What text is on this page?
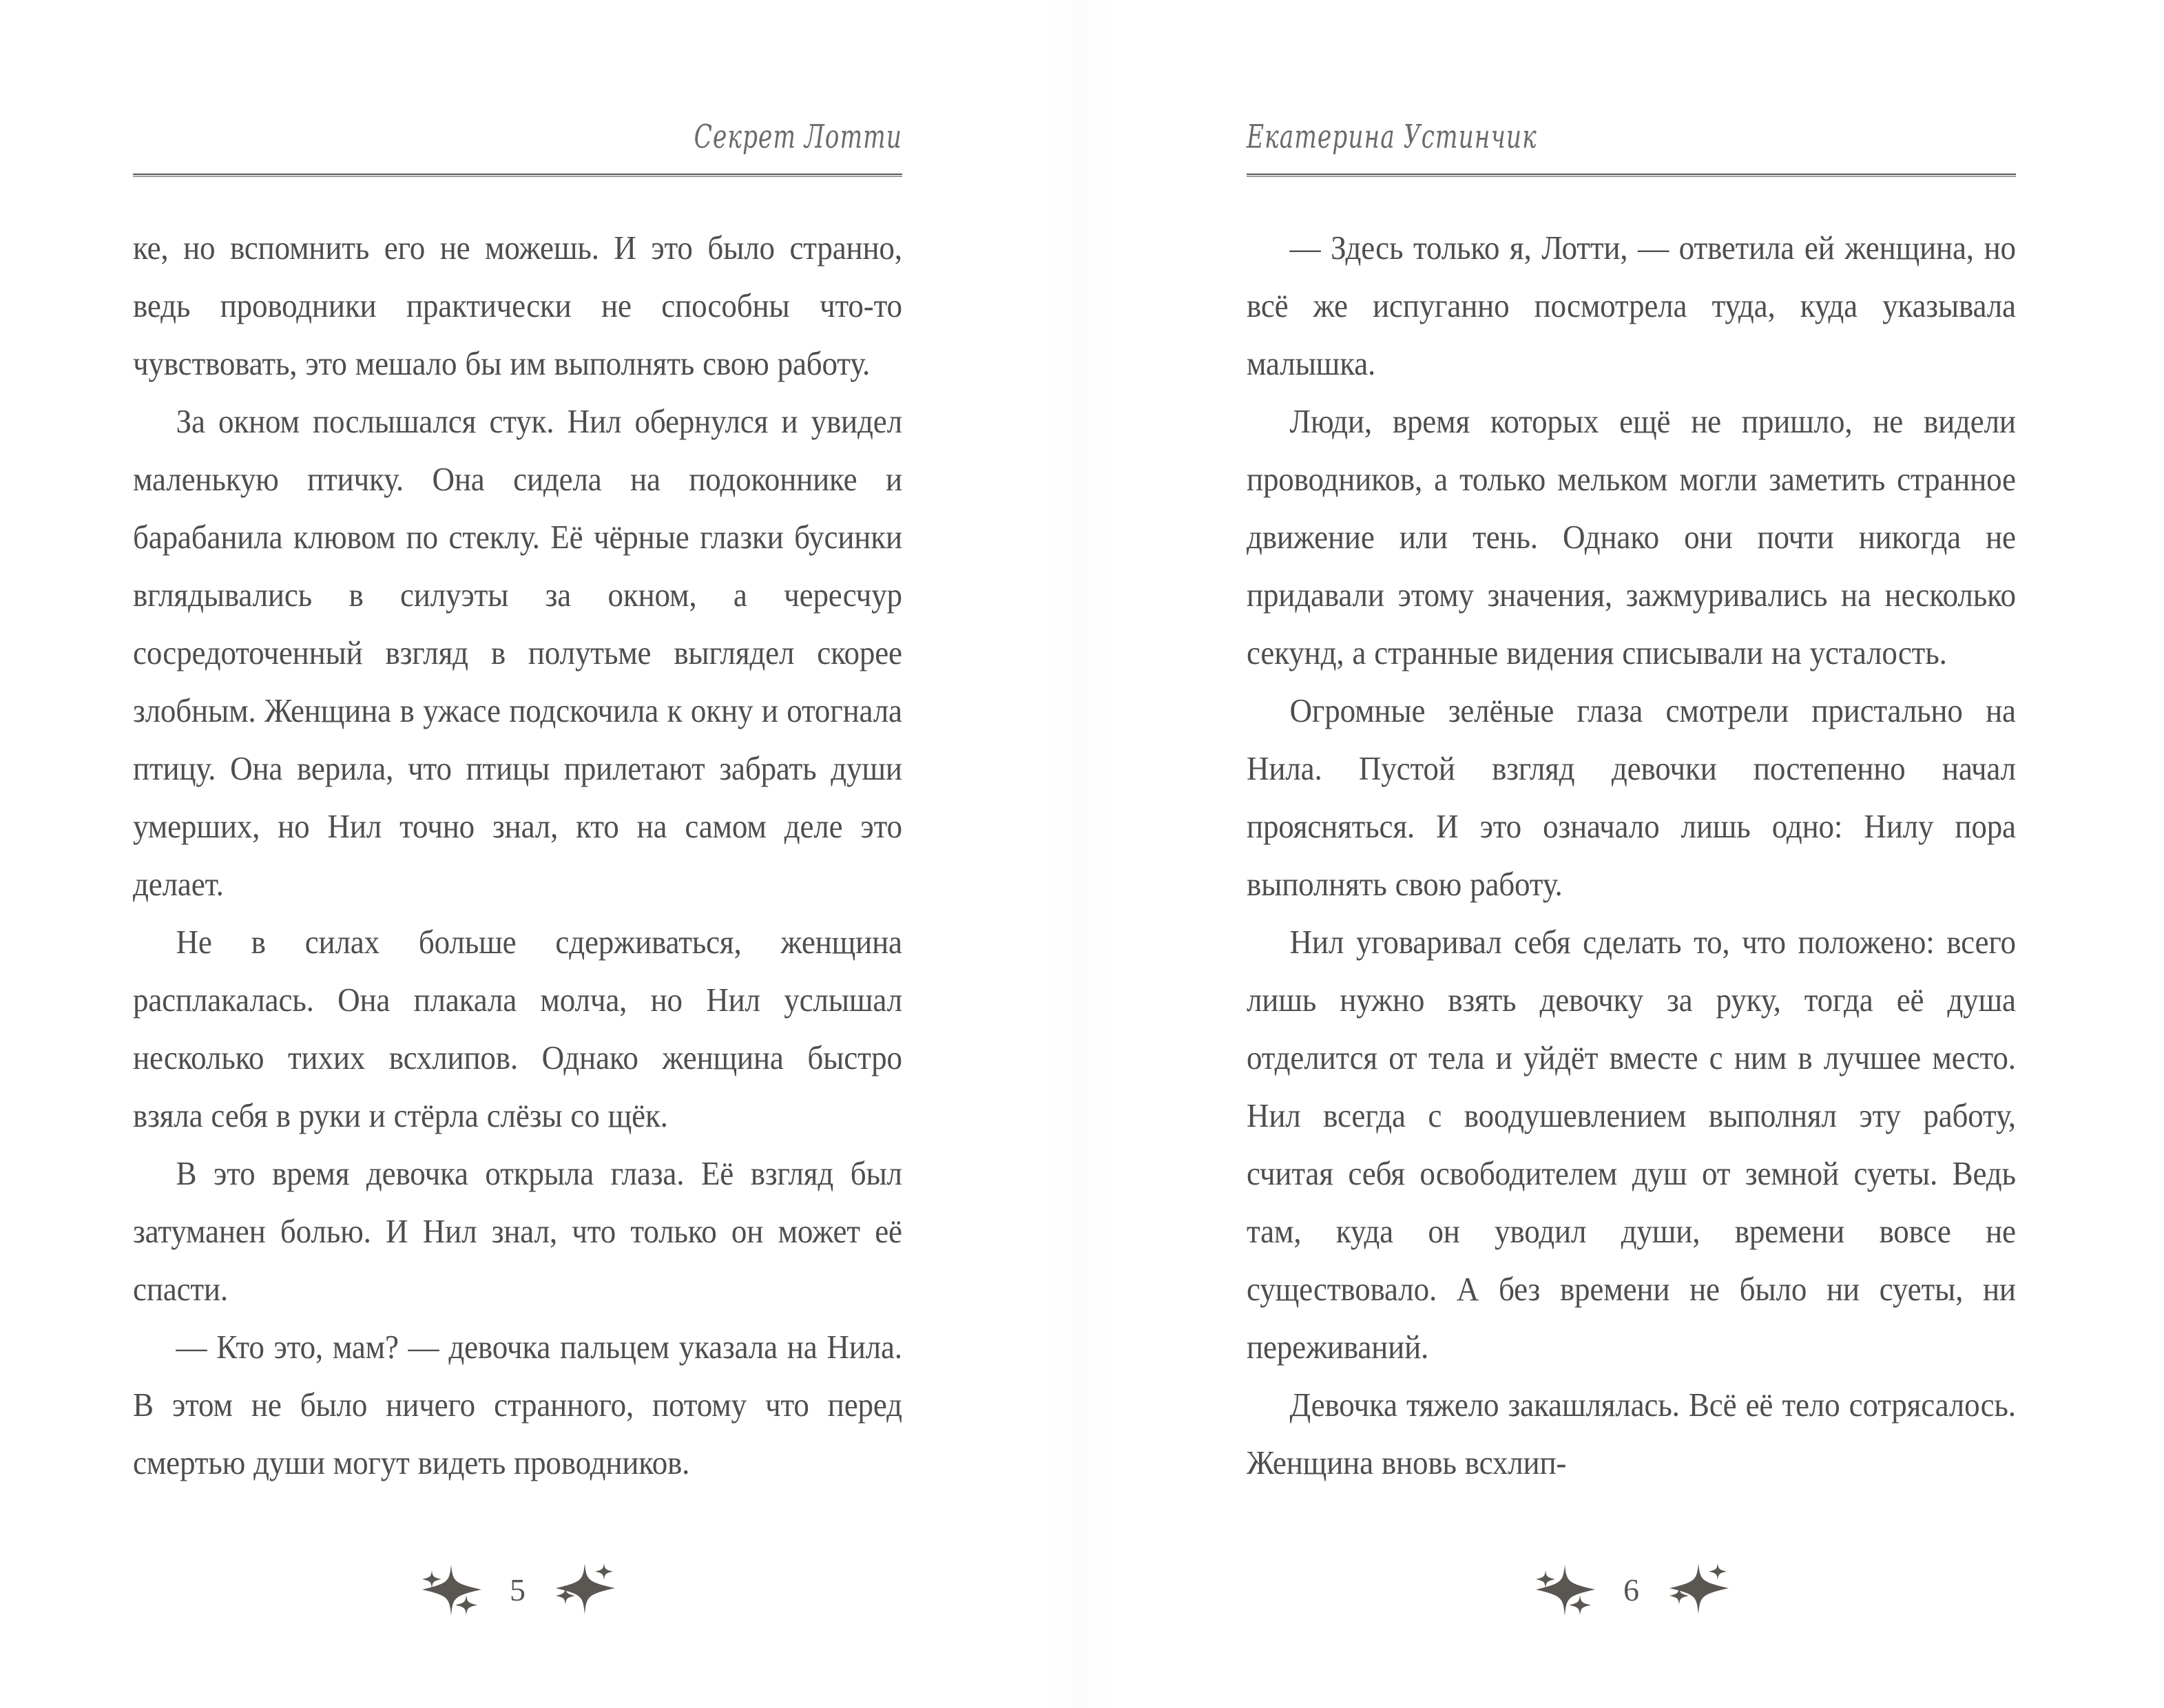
Секрет Лотти

ке, но вспомнить его не можешь. И это было странно, ведь проводники практически не способны что-то чувствовать, это мешало бы им выполнять свою работу.

За окном послышался стук. Нил обернулся и увидел маленькую птичку. Она сидела на подоконнике и барабанила клювом по стеклу. Её чёрные глазки бусинки вглядывались в силуэты за окном, а чересчур сосредоточенный взгляд в полутьме выглядел скорее злобным. Женщина в ужасе подскочила к окну и отогнала птицу. Она верила, что птицы прилетают забрать души умерших, но Нил точно знал, кто на самом деле это делает.

Не в силах больше сдерживаться, женщина расплакалась. Она плакала молча, но Нил услышал несколько тихих всхлипов. Однако женщина быстро взяла себя в руки и стёрла слёзы со щёк.

В это время девочка открыла глаза. Её взгляд был затуманен болью. И Нил знал, что только он может её спасти.

— Кто это, мам? — девочка пальцем указала на Нила. В этом не было ничего странного, потому что перед смертью души могут видеть проводников.

5
Екатерина Устинчик

— Здесь только я, Лотти, — ответила ей женщина, но всё же испуганно посмотрела туда, куда указывала малышка.

Люди, время которых ещё не пришло, не видели проводников, а только мельком могли заметить странное движение или тень. Однако они почти никогда не придавали этому значения, зажмуривались на несколько секунд, а странные видения списывали на усталость.

Огромные зелёные глаза смотрели пристально на Нила. Пустой взгляд девочки постепенно начал проясняться. И это означало лишь одно: Нилу пора выполнять свою работу.

Нил уговаривал себя сделать то, что положено: всего лишь нужно взять девочку за руку, тогда её душа отделится от тела и уйдёт вместе с ним в лучшее место. Нил всегда с воодушевлением выполнял эту работу, считая себя освободителем душ от земной суеты. Ведь там, куда он уводил души, времени вовсе не существовало. А без времени не было ни суеты, ни переживаний.

Девочка тяжело закашлялась. Всё её тело сотрясалось. Женщина вновь всхлип-

6
